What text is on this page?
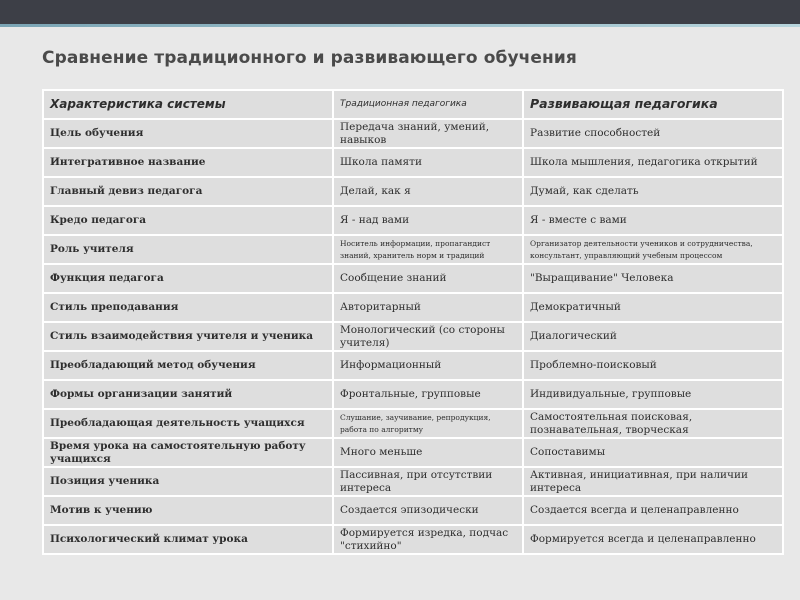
Сравнение традиционного и развивающего обучения
Характеристика системы	Традиционная педагогика	Развивающая педагогика
Цель обучения	Передача знаний, умений, навыков	Развитие способностей
Интегративное название	Школа памяти	Школа мышления, педагогика открытий
Главный девиз педагога	Делай, как я	Думай, как сделать
Кредо педагога	Я - над вами	Я - вместе с вами
Роль учителя	Носитель информации, пропагандист знаний, хранитель норм и традиций	Организатор деятельности учеников и сотрудничества, консультант, управляющий учебным процессом
Функция педагога	Сообщение знаний	"Выращивание" Человека
Стиль преподавания	Авторитарный	Демократичный
Стиль взаимодействия учителя и ученика	Монологический (со стороны учителя)	Диалогический
Преобладающий метод обучения	Информационный	Проблемно-поисковый
Формы организации занятий	Фронтальные, групповые	Индивидуальные, групповые
Преобладающая деятельность учащихся	Слушание, заучивание, репродукция, работа по алгоритму	Самостоятельная поисковая, познавательная, творческая
Время урока на самостоятельную работу учащихся	Много меньше	Сопоставимы
Позиция ученика	Пассивная, при отсутствии интереса	Активная, инициативная, при наличии интереса
Мотив к учению	Создается эпизодически	Создается всегда и целенаправленно
Психологический климат урока	Формируется изредка, подчас "стихийно"	Формируется всегда и целенаправленно
